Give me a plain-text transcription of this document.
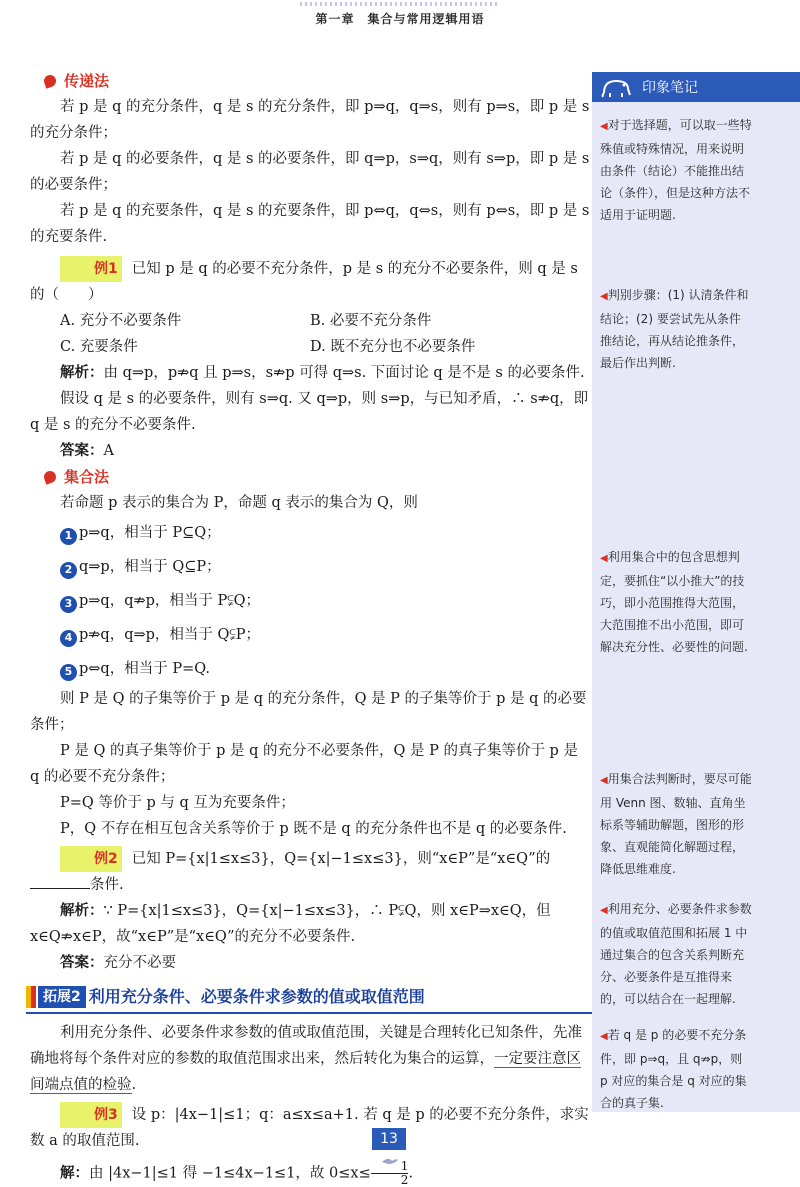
第一章　集合与常用逻辑用语
传递法

若 p 是 q 的充分条件，q 是 s 的充分条件，即 p⇒q，q⇒s，则有 p⇒s，即 p 是 s 的充分条件；

若 p 是 q 的必要条件，q 是 s 的必要条件，即 q⇒p，s⇒q，则有 s⇒p，即 p 是 s 的必要条件；

若 p 是 q 的充要条件，q 是 s 的充要条件，即 p⇔q，q⇔s，则有 p⇔s，即 p 是 s 的充要条件.

例1 已知 p 是 q 的必要不充分条件，p 是 s 的充分不必要条件，则 q 是 s 的（　　）

A. 充分不必要条件	B. 必要不充分条件
C. 充要条件	D. 既不充分也不必要条件

解析：由 q⇒p，p⇏q 且 p⇒s，s⇏p 可得 q⇒s. 下面讨论 q 是不是 s 的必要条件.

假设 q 是 s 的必要条件，则有 s⇒q. 又 q⇒p，则 s⇒p，与已知矛盾，∴ s⇏q，即 q 是 s 的充分不必要条件.

答案：A

集合法

若命题 p 表示的集合为 P，命题 q 表示的集合为 Q，则

1 p⇒q，相当于 P⊆Q；
2 q⇒p，相当于 Q⊆P；
3 p⇒q，q⇏p，相当于 P⫋Q；
4 p⇏q，q⇒p，相当于 Q⫋P；
5 p⇔q，相当于 P=Q.

则 P 是 Q 的子集等价于 p 是 q 的充分条件，Q 是 P 的子集等价于 p 是 q 的必要条件；

P 是 Q 的真子集等价于 p 是 q 的充分不必要条件，Q 是 P 的真子集等价于 p 是 q 的必要不充分条件；

P=Q 等价于 p 与 q 互为充要条件；

P，Q 不存在相互包含关系等价于 p 既不是 q 的充分条件也不是 q 的必要条件.

例2 已知 P={x|1≤x≤3}，Q={x|−1≤x≤3}，则“x∈P”是“x∈Q”的 条件.

解析：∵ P={x|1≤x≤3}，Q={x|−1≤x≤3}，∴ P⫋Q，则 x∈P⇒x∈Q，但 x∈Q⇏x∈P，故“x∈P”是“x∈Q”的充分不必要条件.

答案：充分不必要

拓展2 利用充分条件、必要条件求参数的值或取值范围

利用充分条件、必要条件求参数的值或取值范围，关键是合理转化已知条件，先准确地将每个条件对应的参数的取值范围求出来，然后转化为集合的运算，一定要注意区间端点值的检验.

例3 设 p：|4x−1|≤1；q：a≤x≤a+1. 若 q 是 p 的必要不充分条件，求实数 a 的取值范围.

解：由 |4x−1|≤1 得 −1≤4x−1≤1，故 $0\le x\le \frac{1}{2}$ .

印象笔记
◀对于选择题，可以取一些特殊值或特殊情况，用来说明由条件（结论）不能推出结论（条件），但是这种方法不适用于证明题.
◀判别步骤：(1) 认清条件和结论；(2) 要尝试先从条件推结论，再从结论推条件，最后作出判断.
◀利用集合中的包含思想判定，要抓住“以小推大”的技巧，即小范围推得大范围，大范围推不出小范围，即可解决充分性、必要性的问题.
◀用集合法判断时，要尽可能用 Venn 图、数轴、直角坐标系等辅助解题，图形的形象、直观能简化解题过程，降低思维难度.
◀利用充分、必要条件求参数的值或取值范围和拓展 1 中通过集合的包含关系判断充分、必要条件是互推得来的，可以结合在一起理解.
◀若 q 是 p 的必要不充分条件，即 p⇒q，且 q⇏p，则 p 对应的集合是 q 对应的集合的真子集.
13
